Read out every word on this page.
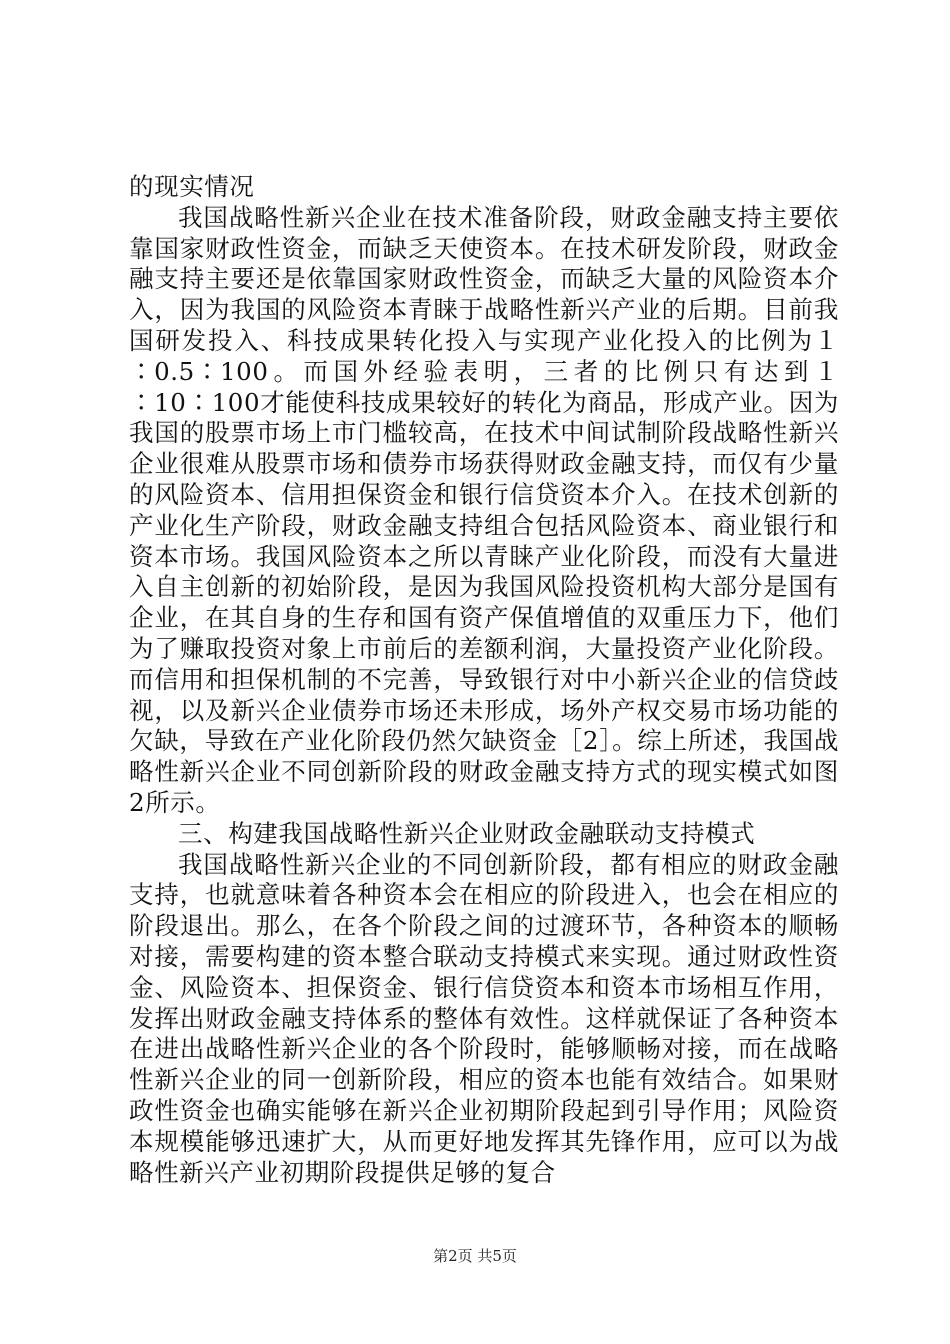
的现实情况

我国战略性新兴企业在技术准备阶段，财政金融支持主要依靠国家财政性资金，而缺乏天使资本。在技术研发阶段，财政金融支持主要还是依靠国家财政性资金，而缺乏大量的风险资本介入，因为我国的风险资本青睐于战略性新兴产业的后期。目前我国研发投入、科技成果转化投入与实现产业化投入的比例为１∶0.5∶100。而国外经验表明，三者的比例只有达到１∶10∶100才能使科技成果较好的转化为商品，形成产业。因为我国的股票市场上市门槛较高，在技术中间试制阶段战略性新兴企业很难从股票市场和债券市场获得财政金融支持，而仅有少量的风险资本、信用担保资金和银行信贷资本介入。在技术创新的产业化生产阶段，财政金融支持组合包括风险资本、商业银行和资本市场。我国风险资本之所以青睐产业化阶段，而没有大量进入自主创新的初始阶段，是因为我国风险投资机构大部分是国有企业，在其自身的生存和国有资产保值增值的双重压力下，他们为了赚取投资对象上市前后的差额利润，大量投资产业化阶段。而信用和担保机制的不完善，导致银行对中小新兴企业的信贷歧视，以及新兴企业债券市场还未形成，场外产权交易市场功能的欠缺，导致在产业化阶段仍然欠缺资金［2］。综上所述，我国战略性新兴企业不同创新阶段的财政金融支持方式的现实模式如图2所示。

三、构建我国战略性新兴企业财政金融联动支持模式

我国战略性新兴企业的不同创新阶段，都有相应的财政金融支持，也就意味着各种资本会在相应的阶段进入，也会在相应的阶段退出。那么，在各个阶段之间的过渡环节，各种资本的顺畅对接，需要构建的资本整合联动支持模式来实现。通过财政性资金、风险资本、担保资金、银行信贷资本和资本市场相互作用，发挥出财政金融支持体系的整体有效性。这样就保证了各种资本在进出战略性新兴企业的各个阶段时，能够顺畅对接，而在战略性新兴企业的同一创新阶段，相应的资本也能有效结合。如果财政性资金也确实能够在新兴企业初期阶段起到引导作用；风险资本规模能够迅速扩大，从而更好地发挥其先锋作用，应可以为战略性新兴产业初期阶段提供足够的复合

第2页 共5页
